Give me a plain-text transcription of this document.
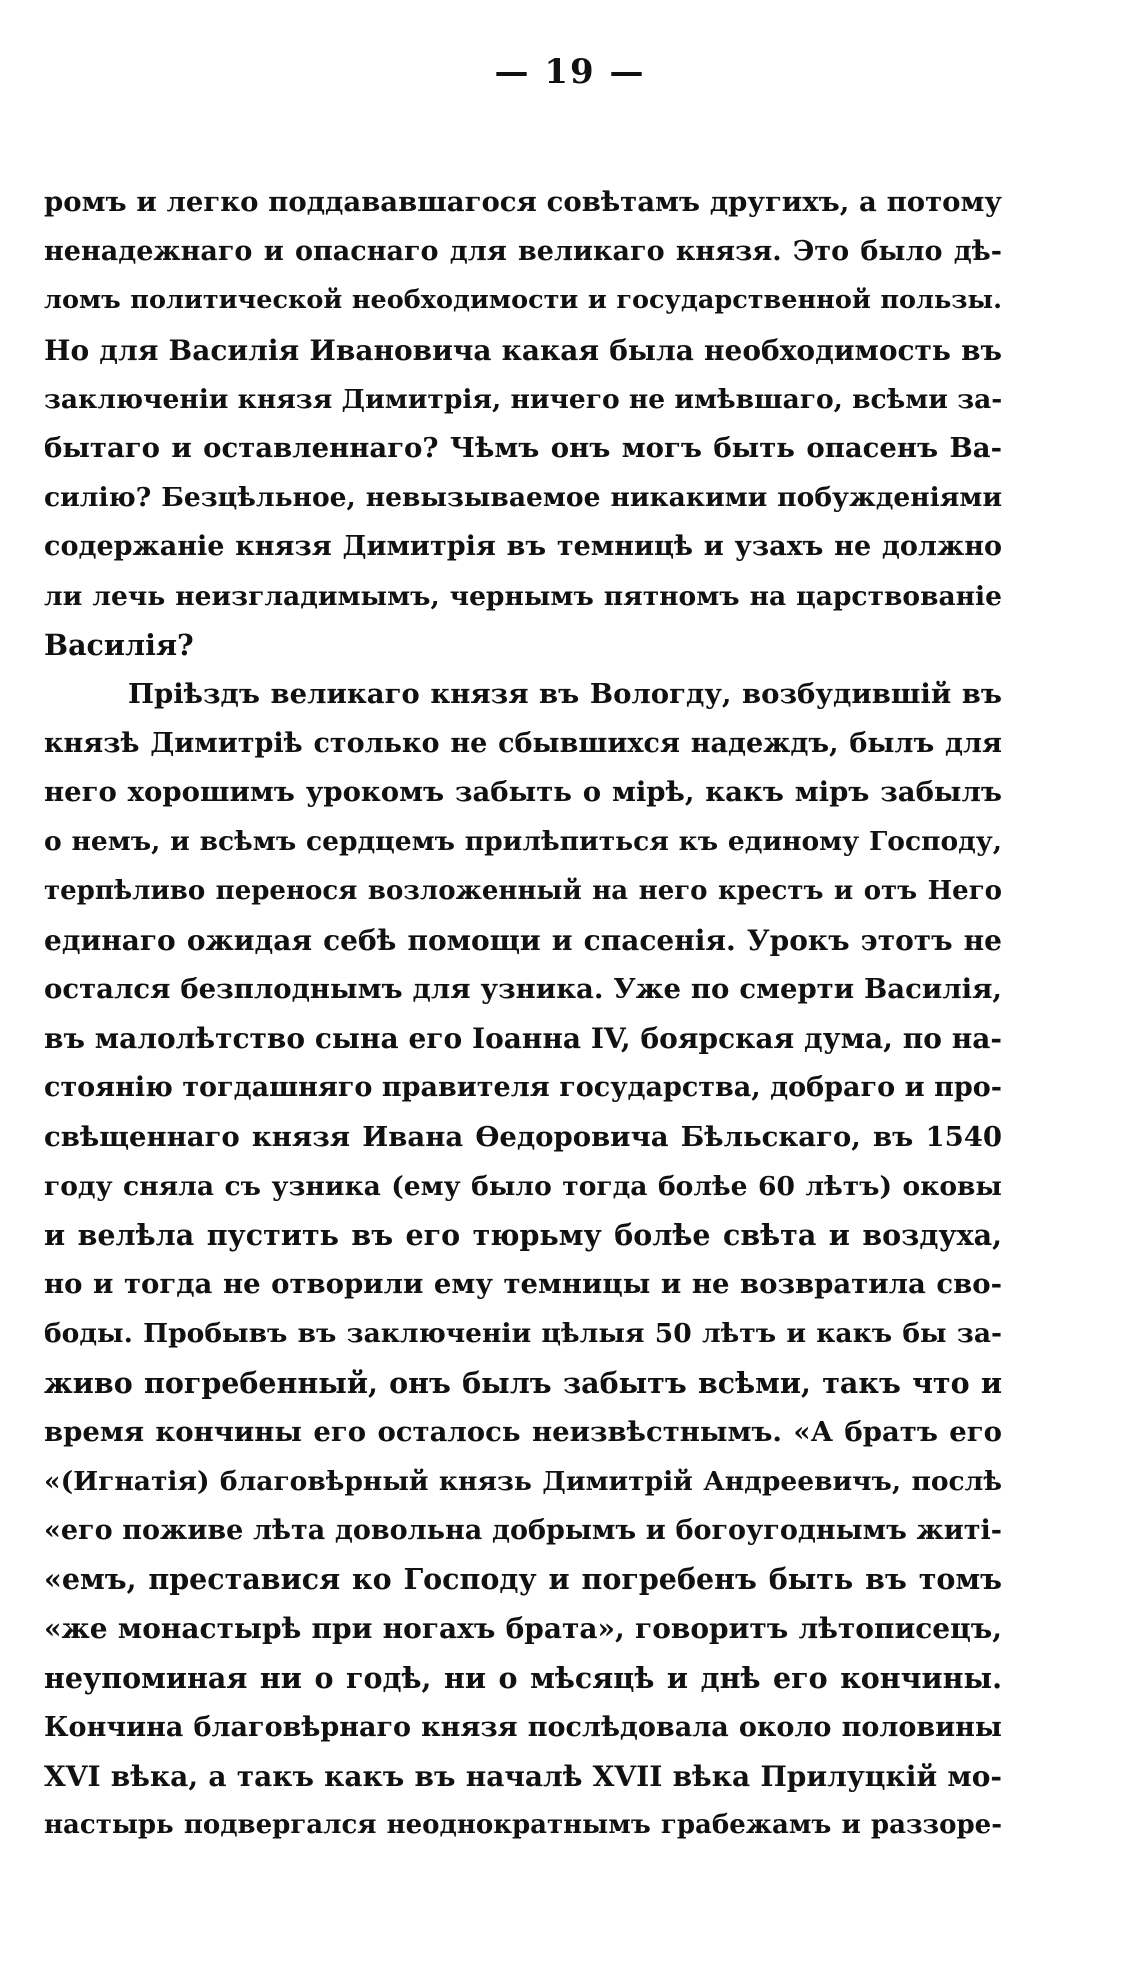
— 19 —
ромъ и легко поддававшагося совѣтамъ другихъ, а потому
ненадежнаго и опаснаго для великаго князя. Это было дѣ-
ломъ политической необходимости и государственной пользы.
Но для Василія Ивановича какая была необходимость въ
заключеніи князя Димитрія, ничего не имѣвшаго, всѣми за-
бытаго и оставленнаго? Чѣмъ онъ могъ быть опасенъ Ва-
силію? Безцѣльное, невызываемое никакими побужденіями
содержаніе князя Димитрія въ темницѣ и узахъ не должно
ли лечь неизгладимымъ, чернымъ пятномъ на царствованіе
Василія?
Пріѣздъ великаго князя въ Вологду, возбудившій въ
князѣ Димитріѣ столько не сбывшихся надеждъ, былъ для
него хорошимъ урокомъ забыть о мірѣ, какъ міръ забылъ
о немъ, и всѣмъ сердцемъ прилѣпиться къ единому Господу,
терпѣливо перенося возложенный на него крестъ и отъ Него
единаго ожидая себѣ помощи и спасенія. Урокъ этотъ не
остался безплоднымъ для узника. Уже по смерти Василія,
въ малолѣтство сына его Іоанна IV, боярская дума, по на-
стоянію тогдашняго правителя государства, добраго и про-
свѣщеннаго князя Ивана Өедоровича Бѣльскаго, въ 1540
году сняла съ узника (ему было тогда болѣе 60 лѣтъ) оковы
и велѣла пустить въ его тюрьму болѣе свѣта и воздуха,
но и тогда не отворили ему темницы и не возвратила сво-
боды. Пробывъ въ заключеніи цѣлыя 50 лѣтъ и какъ бы за-
живо погребенный, онъ былъ забытъ всѣми, такъ что и
время кончины его осталось неизвѣстнымъ. «А братъ его
«(Игнатія) благовѣрный князь Димитрій Андреевичъ, послѣ
«его поживе лѣта довольна добрымъ и богоугоднымъ житі-
«емъ, преставися ко Господу и погребенъ быть въ томъ
«же монастырѣ при ногахъ брата», говоритъ лѣтописецъ,
неупоминая ни о годѣ, ни о мѣсяцѣ и днѣ его кончины.
Кончина благовѣрнаго князя послѣдовала около половины
XVI вѣка, а такъ какъ въ началѣ XVII вѣка Прилуцкій мо-
настырь подвергался неоднократнымъ грабежамъ и раззоре-
